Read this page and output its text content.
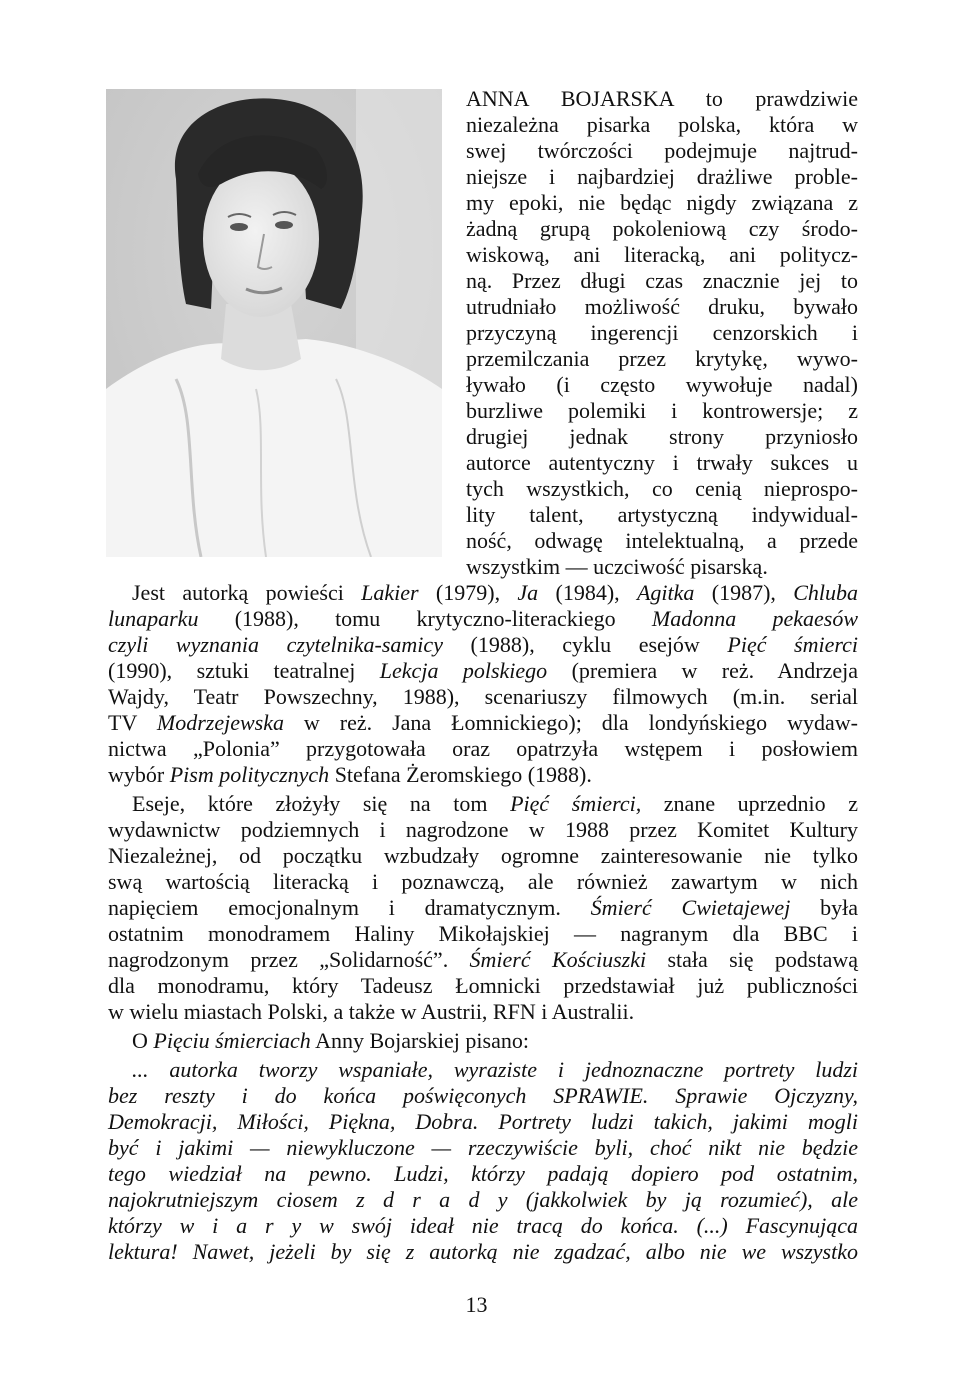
ANNA BOJARSKA to prawdziwie
niezależna pisarka polska, która w
swej twórczości podejmuje najtrud-
niejsze i najbardziej drażliwe proble-
my epoki, nie będąc nigdy związana z
żadną grupą pokoleniową czy środo-
wiskową, ani literacką, ani politycz-
ną. Przez długi czas znacznie jej to
utrudniało możliwość druku, bywało
przyczyną ingerencji cenzorskich i
przemilczania przez krytykę, wywo-
ływało (i często wywołuje nadal)
burzliwe polemiki i kontrowersje; z
drugiej jednak strony przyniosło
autorce autentyczny i trwały sukces u
tych wszystkich, co cenią nieprospo-
lity talent, artystyczną indywidual-
ność, odwagę intelektualną, a przede
wszystkim — uczciwość pisarską.
Jest autorką powieści Lakier (1979), Ja (1984), Agitka (1987), Chluba
lunaparku (1988), tomu krytyczno-literackiego Madonna pekaesów
czyli wyznania czytelnika-samicy (1988), cyklu esejów Pięć śmierci
(1990), sztuki teatralnej Lekcja polskiego (premiera w reż. Andrzeja
Wajdy, Teatr Powszechny, 1988), scenariuszy filmowych (m.in. serial
TV Modrzejewska w reż. Jana Łomnickiego); dla londyńskiego wydaw-
nictwa „Polonia” przygotowała oraz opatrzyła wstępem i posłowiem
wybór Pism politycznych Stefana Żeromskiego (1988).
Eseje, które złożyły się na tom Pięć śmierci, znane uprzednio z
wydawnictw podziemnych i nagrodzone w 1988 przez Komitet Kultury
Niezależnej, od początku wzbudzały ogromne zainteresowanie nie tylko
swą wartością literacką i poznawczą, ale również zawartym w nich
napięciem emocjonalnym i dramatycznym. Śmierć Cwietajewej była
ostatnim monodramem Haliny Mikołajskiej — nagranym dla BBC i
nagrodzonym przez „Solidarność”. Śmierć Kościuszki stała się podstawą
dla monodramu, który Tadeusz Łomnicki przedstawiał już publiczności
w wielu miastach Polski, a także w Austrii, RFN i Australii.
O Pięciu śmierciach Anny Bojarskiej pisano:
... autorka tworzy wspaniałe, wyraziste i jednoznaczne portrety ludzi
bez reszty i do końca poświęconych SPRAWIE. Sprawie Ojczyzny,
Demokracji, Miłości, Piękna, Dobra. Portrety ludzi takich, jakimi mogli
być i jakimi — niewykluczone — rzeczywiście byli, choć nikt nie będzie
tego wiedział na pewno. Ludzi, którzy padają dopiero pod ostatnim,
najokrutniejszym ciosem z d r a d y (jakkolwiek by ją rozumieć), ale
którzy w i a r y w swój ideał nie tracą do końca. (...) Fascynująca
lektura! Nawet, jeżeli by się z autorką nie zgadzać, albo nie we wszystko
13
